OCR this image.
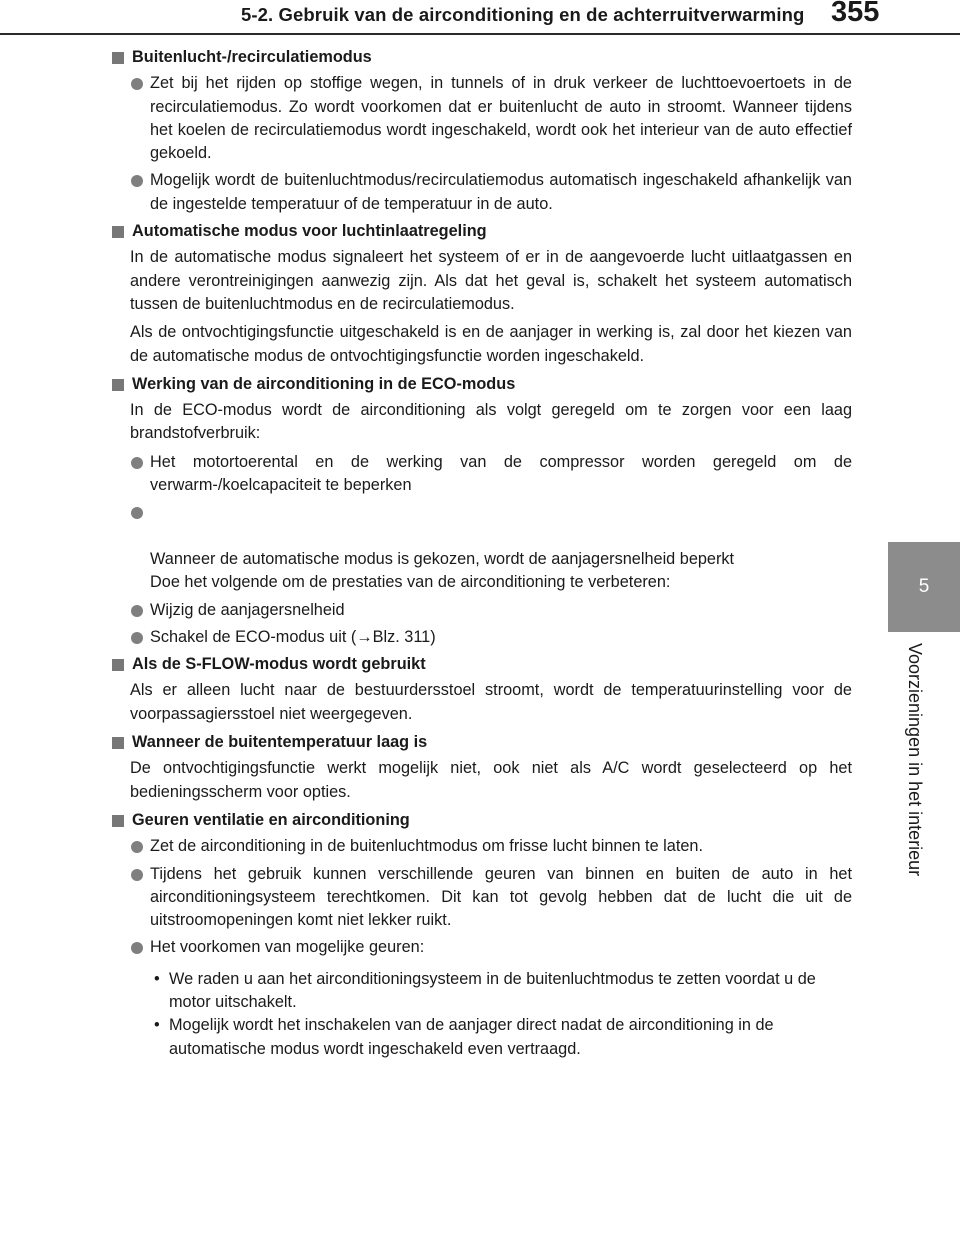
5-2. Gebruik van de airconditioning en de achterruitverwarming 355
5
Voorzieningen in het interieur
Buitenlucht-/recirculatiemodus
Zet bij het rijden op stoffige wegen, in tunnels of in druk verkeer de luchttoevoertoets in de recirculatiemodus. Zo wordt voorkomen dat er buitenlucht de auto in stroomt. Wanneer tijdens het koelen de recirculatiemodus wordt ingeschakeld, wordt ook het interieur van de auto effectief gekoeld.
Mogelijk wordt de buitenluchtmodus/recirculatiemodus automatisch ingeschakeld afhankelijk van de ingestelde temperatuur of de temperatuur in de auto.
Automatische modus voor luchtinlaatregeling

In de automatische modus signaleert het systeem of er in de aangevoerde lucht uitlaatgassen en andere verontreinigingen aanwezig zijn. Als dat het geval is, schakelt het systeem automatisch tussen de buitenluchtmodus en de recirculatiemodus.

Als de ontvochtigingsfunctie uitgeschakeld is en de aanjager in werking is, zal door het kiezen van de automatische modus de ontvochtigingsfunctie worden ingeschakeld.

Werking van de airconditioning in de ECO-modus

In de ECO-modus wordt de airconditioning als volgt geregeld om te zorgen voor een laag brandstofverbruik:

Het motortoerental en de werking van de compressor worden geregeld om de verwarm-/koelcapaciteit te beperken

Wanneer de automatische modus is gekozen, wordt de aanjagersnelheid beperkt
Doe het volgende om de prestaties van de airconditioning te verbeteren:

Wijzig de aanjagersnelheid
Schakel de ECO-modus uit (→Blz. 311)
Als de S-FLOW-modus wordt gebruikt

Als er alleen lucht naar de bestuurdersstoel stroomt, wordt de temperatuurinstelling voor de voorpassagiersstoel niet weergegeven.

Wanneer de buitentemperatuur laag is

De ontvochtigingsfunctie werkt mogelijk niet, ook niet als A/C wordt geselecteerd op het bedieningsscherm voor opties.

Geuren ventilatie en airconditioning
Zet de airconditioning in de buitenluchtmodus om frisse lucht binnen te laten.
Tijdens het gebruik kunnen verschillende geuren van binnen en buiten de auto in het airconditioningsysteem terechtkomen. Dit kan tot gevolg hebben dat de lucht die uit de uitstroomopeningen komt niet lekker ruikt.
Het voorkomen van mogelijke geuren:
• We raden u aan het airconditioningsysteem in de buitenluchtmodus te zetten voordat u de motor uitschakelt.
• Mogelijk wordt het inschakelen van de aanjager direct nadat de airconditioning in de automatische modus wordt ingeschakeld even vertraagd.
